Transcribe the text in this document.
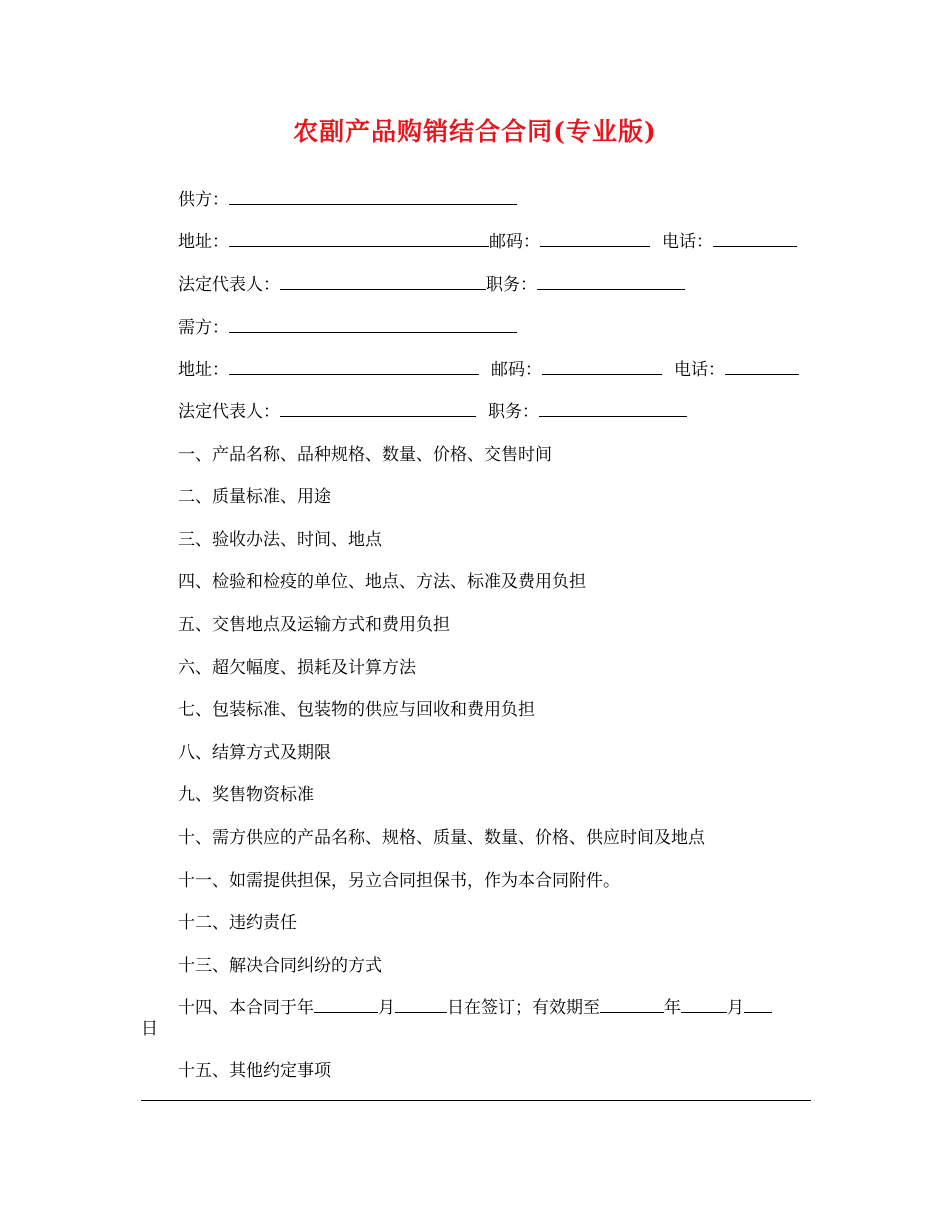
农副产品购销结合合同(专业版)
供方：
地址：	邮码：	电话：
法定代表人：	职务：
需方：
地址：	邮码：	电话：
法定代表人：	职务：
一、产品名称、品种规格、数量、价格、交售时间
二、质量标准、用途
三、验收办法、时间、地点
四、检验和检疫的单位、地点、方法、标准及费用负担
五、交售地点及运输方式和费用负担
六、超欠幅度、损耗及计算方法
七、包装标准、包装物的供应与回收和费用负担
八、结算方式及期限
九、奖售物资标准
十、需方供应的产品名称、规格、质量、数量、价格、供应时间及地点
十一、如需提供担保，另立合同担保书，作为本合同附件。
十二、违约责任
十三、解决合同纠纷的方式
十四、本合同于年	月	日在签订；有效期至	年	月
日
十五、其他约定事项
